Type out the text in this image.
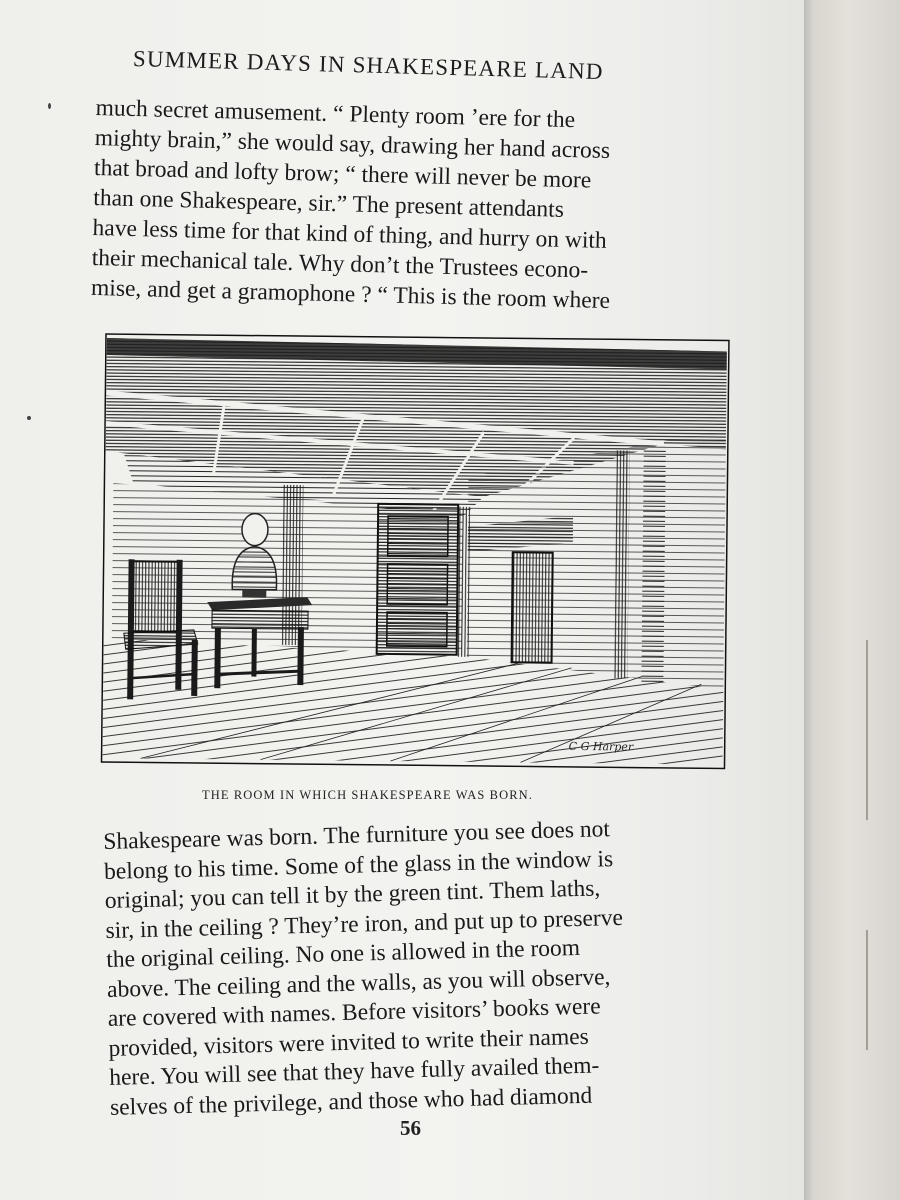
SUMMER DAYS IN SHAKESPEARE LAND
much secret amusement. “ Plenty room ’ere for the
mighty brain,” she would say, drawing her hand across
that broad and lofty brow; “ there will never be more
than one Shakespeare, sir.” The present attendants
have less time for that kind of thing, and hurry on with
their mechanical tale. Why don’t the Trustees econo-
mise, and get a gramophone ? “ This is the room where
C G Harper

THE ROOM IN WHICH SHAKESPEARE WAS BORN.

Shakespeare was born. The furniture you see does not
belong to his time. Some of the glass in the window is
original; you can tell it by the green tint. Them laths,
sir, in the ceiling ? They’re iron, and put up to preserve
the original ceiling. No one is allowed in the room
above. The ceiling and the walls, as you will observe,
are covered with names. Before visitors’ books were
provided, visitors were invited to write their names
here. You will see that they have fully availed them-
selves of the privilege, and those who had diamond
56
